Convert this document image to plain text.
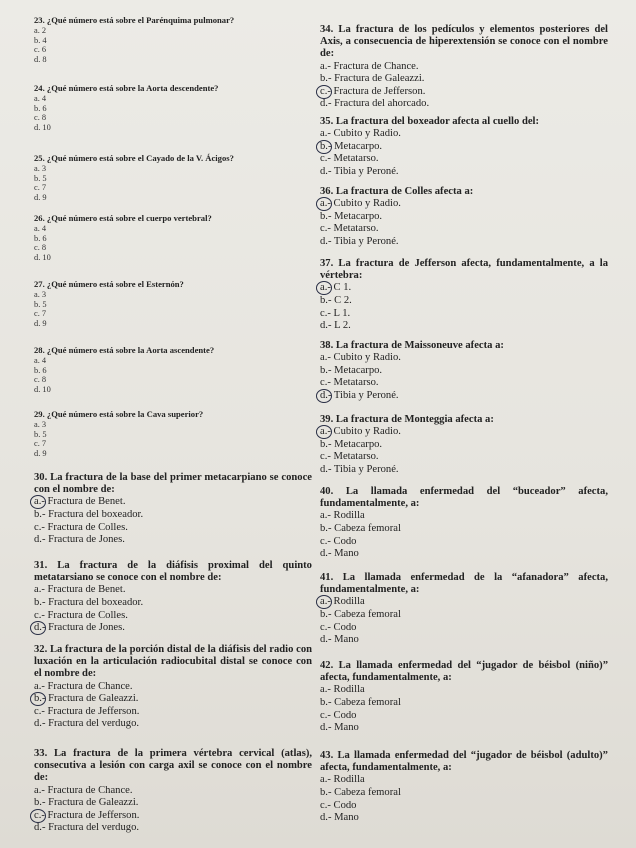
23. ¿Qué número está sobre el Parénquima pulmonar?
a. 2
b. 4
c. 6
d. 8
24. ¿Qué número está sobre la Aorta descendente?
a. 4
b. 6
c. 8
d. 10
25. ¿Qué número está sobre el Cayado de la V. Ácigos?
a. 3
b. 5
c. 7
d. 9
26. ¿Qué número está sobre el cuerpo vertebral?
a. 4
b. 6
c. 8
d. 10
27. ¿Qué número está sobre el Esternón?
a. 3
b. 5
c. 7
d. 9
28. ¿Qué número está sobre la Aorta ascendente?
a. 4
b. 6
c. 8
d. 10
29. ¿Qué número está sobre la Cava superior?
a. 3
b. 5
c. 7
d. 9
30. La fractura de la base del primer metacarpiano se conoce con el nombre de:
a.- Fractura de Benet.
b.- Fractura del boxeador.
c.- Fractura de Colles.
d.- Fractura de Jones.
31. La fractura de la diáfisis proximal del quinto metatarsiano se conoce con el nombre de:
a.- Fractura de Benet.
b.- Fractura del boxeador.
c.- Fractura de Colles.
d.- Fractura de Jones.
32. La fractura de la porción distal de la diáfisis del radio con luxación en la articulación radiocubital distal se conoce con el nombre de:
a.- Fractura de Chance.
b.- Fractura de Galeazzi.
c.- Fractura de Jefferson.
d.- Fractura del verdugo.
33. La fractura de la primera vértebra cervical (atlas), consecutiva a lesión con carga axil se conoce con el nombre de:
a.- Fractura de Chance.
b.- Fractura de Galeazzi.
c.- Fractura de Jefferson.
d.- Fractura del verdugo.
34. La fractura de los pedículos y elementos posteriores del Axis, a consecuencia de hiperextensión se conoce con el nombre de:
a.- Fractura de Chance.
b.- Fractura de Galeazzi.
c.- Fractura de Jefferson.
d.- Fractura del ahorcado.
35. La fractura del boxeador afecta al cuello del:
a.- Cubito y Radio.
b.- Metacarpo.
c.- Metatarso.
d.- Tibia y Peroné.
36. La fractura de Colles afecta a:
a.- Cubito y Radio.
b.- Metacarpo.
c.- Metatarso.
d.- Tibia y Peroné.
37. La fractura de Jefferson afecta, fundamentalmente, a la vértebra:
a.- C 1.
b.- C 2.
c.- L 1.
d.- L 2.
38. La fractura de Maissoneuve afecta a:
a.- Cubito y Radio.
b.- Metacarpo.
c.- Metatarso.
d.- Tibia y Peroné.
39. La fractura de Monteggia afecta a:
a.- Cubito y Radio.
b.- Metacarpo.
c.- Metatarso.
d.- Tibia y Peroné.
40. La llamada enfermedad del “buceador” afecta, fundamentalmente, a:
a.- Rodilla
b.- Cabeza femoral
c.- Codo
d.- Mano
41. La llamada enfermedad de la “afanadora” afecta, fundamentalmente, a:
a.- Rodilla
b.- Cabeza femoral
c.- Codo
d.- Mano
42. La llamada enfermedad del “jugador de béisbol (niño)” afecta, fundamentalmente, a:
a.- Rodilla
b.- Cabeza femoral
c.- Codo
d.- Mano
43. La llamada enfermedad del “jugador de béisbol (adulto)” afecta, fundamentalmente, a:
a.- Rodilla
b.- Cabeza femoral
c.- Codo
d.- Mano
